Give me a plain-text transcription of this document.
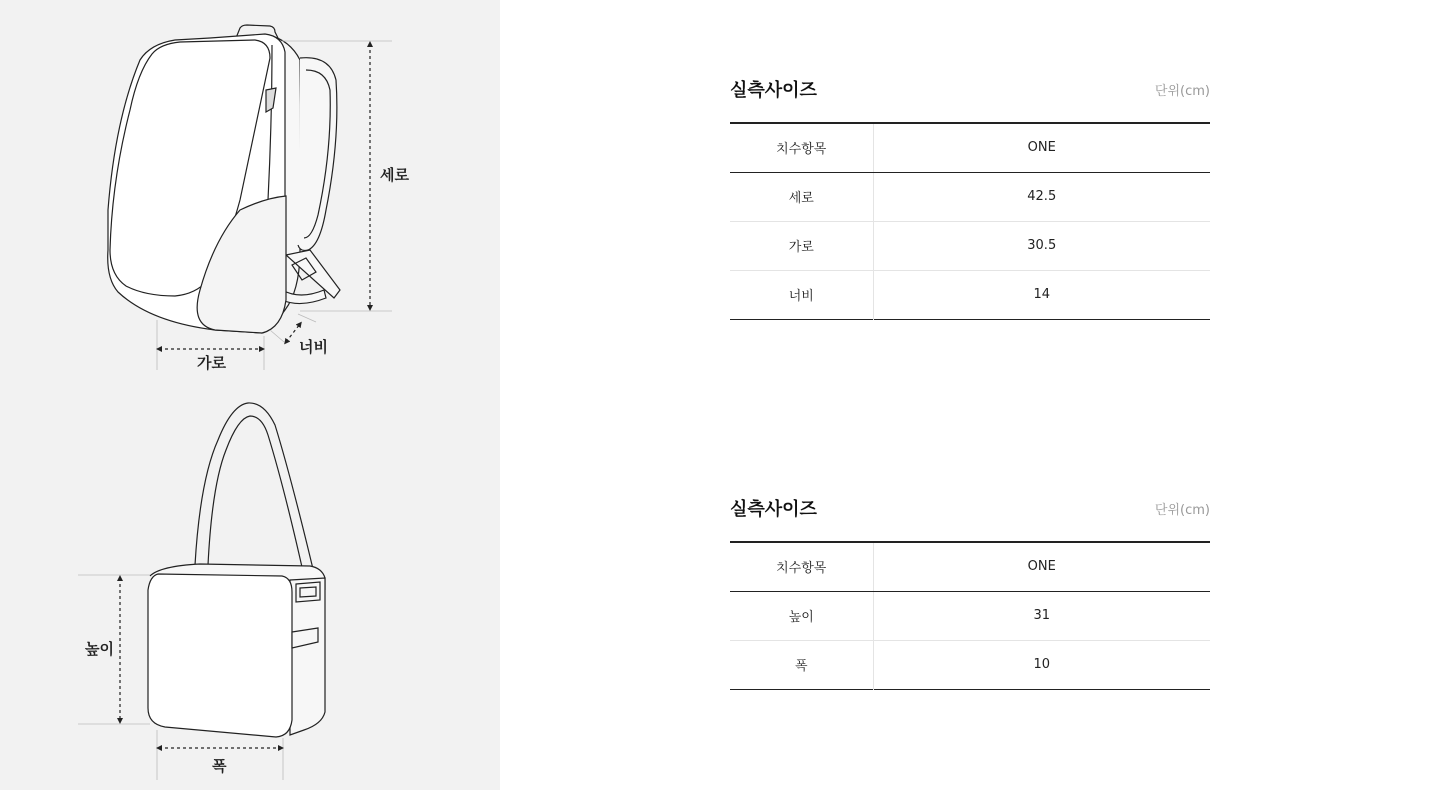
세로
가로
너비
높이
폭
실측사이즈	단위(cm)
치수항목	ONE
세로	42.5
가로	30.5
너비	14
실측사이즈	단위(cm)
치수항목	ONE
높이	31
폭	10
